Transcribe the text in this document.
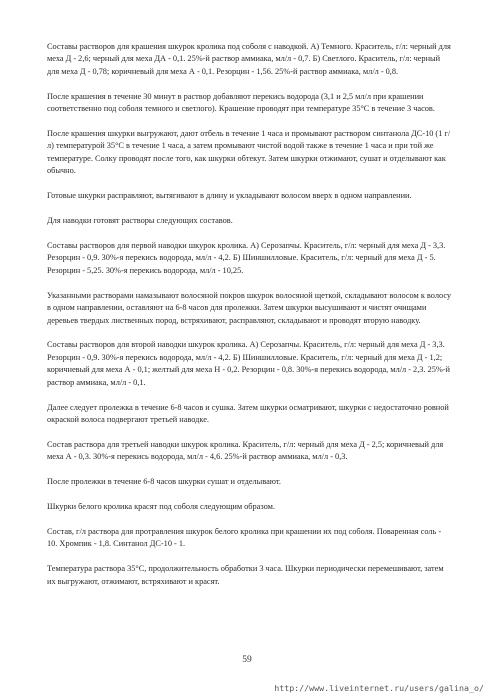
Составы растворов для крашения шкурок кролика под соболя с наводкой. А) Темного. Краситель, г/л: черный для меха Д - 2,6; черный для меха ДА - 0,1. 25%-й раствор аммиака, мл/л - 0,7. Б) Светлого. Краситель, г/л: черный для меха Д - 0,78; коричневый для меха А - 0,1. Резорцин - 1,56. 25%-й раствор аммиака, мл/л - 0,8.

После крашения в течение 30 минут в раствор добавляют перекись водорода (3,1 и 2,5 мл/л при крашении соответственно под соболя темного и светлого). Крашение проводят при температуре 35°С в течение 3 часов.

После крашения шкурки выгружают, дают отбель в течение 1 часа и промывают раствором синтанола ДС-10 (1 г/л) температурой 35°С в течение 1 часа, а затем промывают чистой водой также в течение 1 часа и при той же температуре. Солку проводят после того, как шкурки обтекут. Затем шкурки отжимают, сушат и отделывают как обычно.

Готовые шкурки расправляют, вытягивают в длину и укладывают волосом вверх в одном направлении.

Для наводки готовят растворы следующих составов.

Составы растворов для первой наводки шкурок кролика. А) Серозапчы. Краситель, г/л: черный для меха Д - 3,3. Резорцин - 0,9. 30%-я перекись водорода, мл/л - 4,2. Б) Шиншилловые. Краситель, г/л: черный для меха Д - 5. Резорцин - 5,25. 30%-я перекись водорода, мл/л - 10,25.

Указанными растворами намазывают волосяной покров шкурок волосяной щеткой, складывают волосом к волосу в одном направлении, оставляют на 6-8 часов для пролежки. Затем шкурки высушивают и чистят очищами деревьев твердых лиственных пород, встряхивают, расправляют, складывают и проводят вторую наводку.

Составы растворов для второй наводки шкурок кролика. А) Серозапчы. Краситель, г/л: черный для меха Д - 3,3. Резорцин - 0,9. 30%-я перекись водорода, мл/л - 4,2. Б) Шиншилловые. Краситель, г/л: черный для меха Д - 1,2; коричневый для меха А - 0,1; желтый для меха Н - 0,2. Резорцин - 0,8. 30%-я перекись водорода, мл/л - 2,3. 25%-й раствор аммиака, мл/л - 0,1.

Далее следует пролежка в течение 6-8 часов и сушка. Затем шкурки осматривают, шкурки с недостаточно ровной окраской волоса подвергают третьей наводке.

Состав раствора для третьей наводки шкурок кролика. Краситель, г/л: черный для меха Д - 2,5; коричневый для меха А - 0,3. 30%-я перекись водорода, мл/л - 4,6. 25%-й раствор аммиака, мл/л - 0,3.

После пролежки в течение 6-8 часов шкурки сушат и отделывают.

Шкурки белого кролика красят под соболя следующим образом.

Состав, г/л раствора для протравления шкурок белого кролика при крашении их под соболя. Поваренная соль - 10. Хромпик - 1,8. Синтанол ДС-10 - 1.

Температура раствора 35°С, продолжительность обработки 3 часа. Шкурки периодически перемешивают, затем их выгружают, отжимают, встряхивают и красят.

59
http://www.liveinternet.ru/users/galina_o/
